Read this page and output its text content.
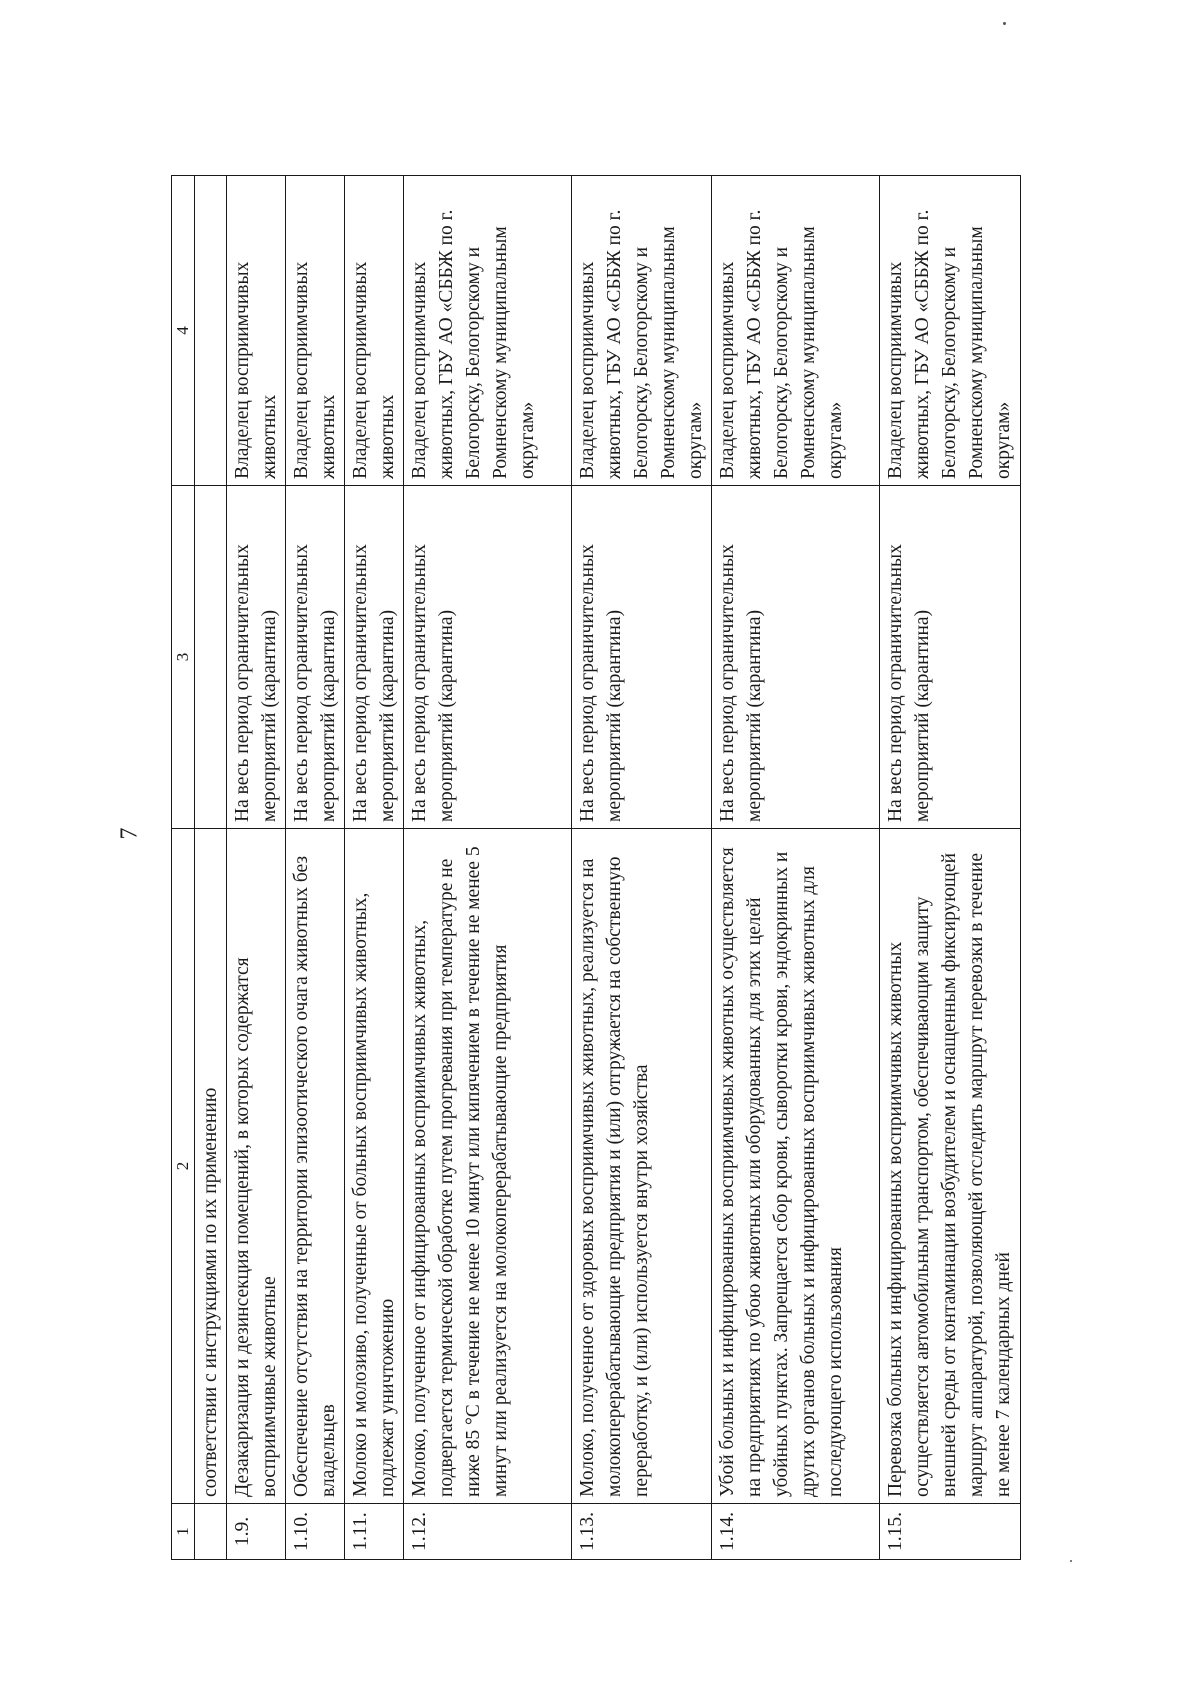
7
1	2	3	4
	соответствии с инструкциями по их применению		
1.9.	Дезакаризация и дезинсекция помещений, в которых содержатся восприимчивые животные	На весь период ограничительных мероприятий (карантина)	Владелец восприимчивых животных
1.10.	Обеспечение отсутствия на территории эпизоотического очага животных без владельцев	На весь период ограничительных мероприятий (карантина)	Владелец восприимчивых животных
1.11.	Молоко и молозиво, полученные от больных восприимчивых животных, подлежат уничтожению	На весь период ограничительных мероприятий (карантина)	Владелец восприимчивых животных
1.12.	Молоко, полученное от инфицированных восприимчивых животных, подвергается термической обработке путем прогревания при температуре не ниже 85 °С в течение не менее 10 минут или кипячением в течение не менее 5 минут или реализуется на молокоперерабатывающие предприятия	На весь период ограничительных мероприятий (карантина)	Владелец восприимчивых животных, ГБУ АО «СББЖ по г. Белогорску, Белогорскому и Ромненскому муниципальным округам»
1.13.	Молоко, полученное от здоровых восприимчивых животных, реализуется на молокоперерабатывающие предприятия и (или) отгружается на собственную переработку, и (или) используется внутри хозяйства	На весь период ограничительных мероприятий (карантина)	Владелец восприимчивых животных, ГБУ АО «СББЖ по г. Белогорску, Белогорскому и Ромненскому муниципальным округам»
1.14.	Убой больных и инфицированных восприимчивых животных осуществляется на предприятиях по убою животных или оборудованных для этих целей убойных пунктах. Запрещается сбор крови, сыворотки крови, эндокринных и других органов больных и инфицированных восприимчивых животных для последующего использования	На весь период ограничительных мероприятий (карантина)	Владелец восприимчивых животных, ГБУ АО «СББЖ по г. Белогорску, Белогорскому и Ромненскому муниципальным округам»
1.15.	Перевозка больных и инфицированных восприимчивых животных осуществляется автомобильным транспортом, обеспечивающим защиту внешней среды от контаминации возбудителем и оснащенным фиксирующей маршрут аппаратурой, позволяющей отследить маршрут перевозки в течение не менее 7 календарных дней	На весь период ограничительных мероприятий (карантина)	Владелец восприимчивых животных, ГБУ АО «СББЖ по г. Белогорску, Белогорскому и Ромненскому муниципальным округам»
